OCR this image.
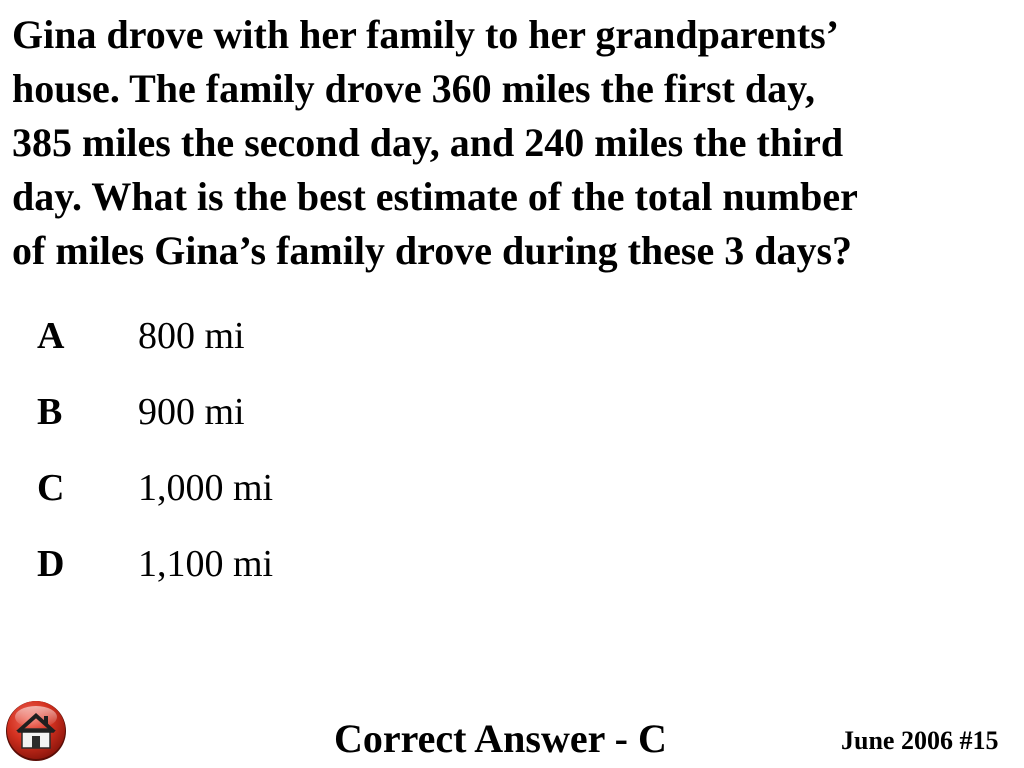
Gina drove with her family to her grandparents’
house. The family drove 360 miles the first day,
385 miles the second day, and 240 miles the third
day. What is the best estimate of the total number
of miles Gina’s family drove during these 3 days?
A	800 mi
B	900 mi
C	1,000 mi
D	1,100 mi
Correct Answer - C	June 2006 #15
